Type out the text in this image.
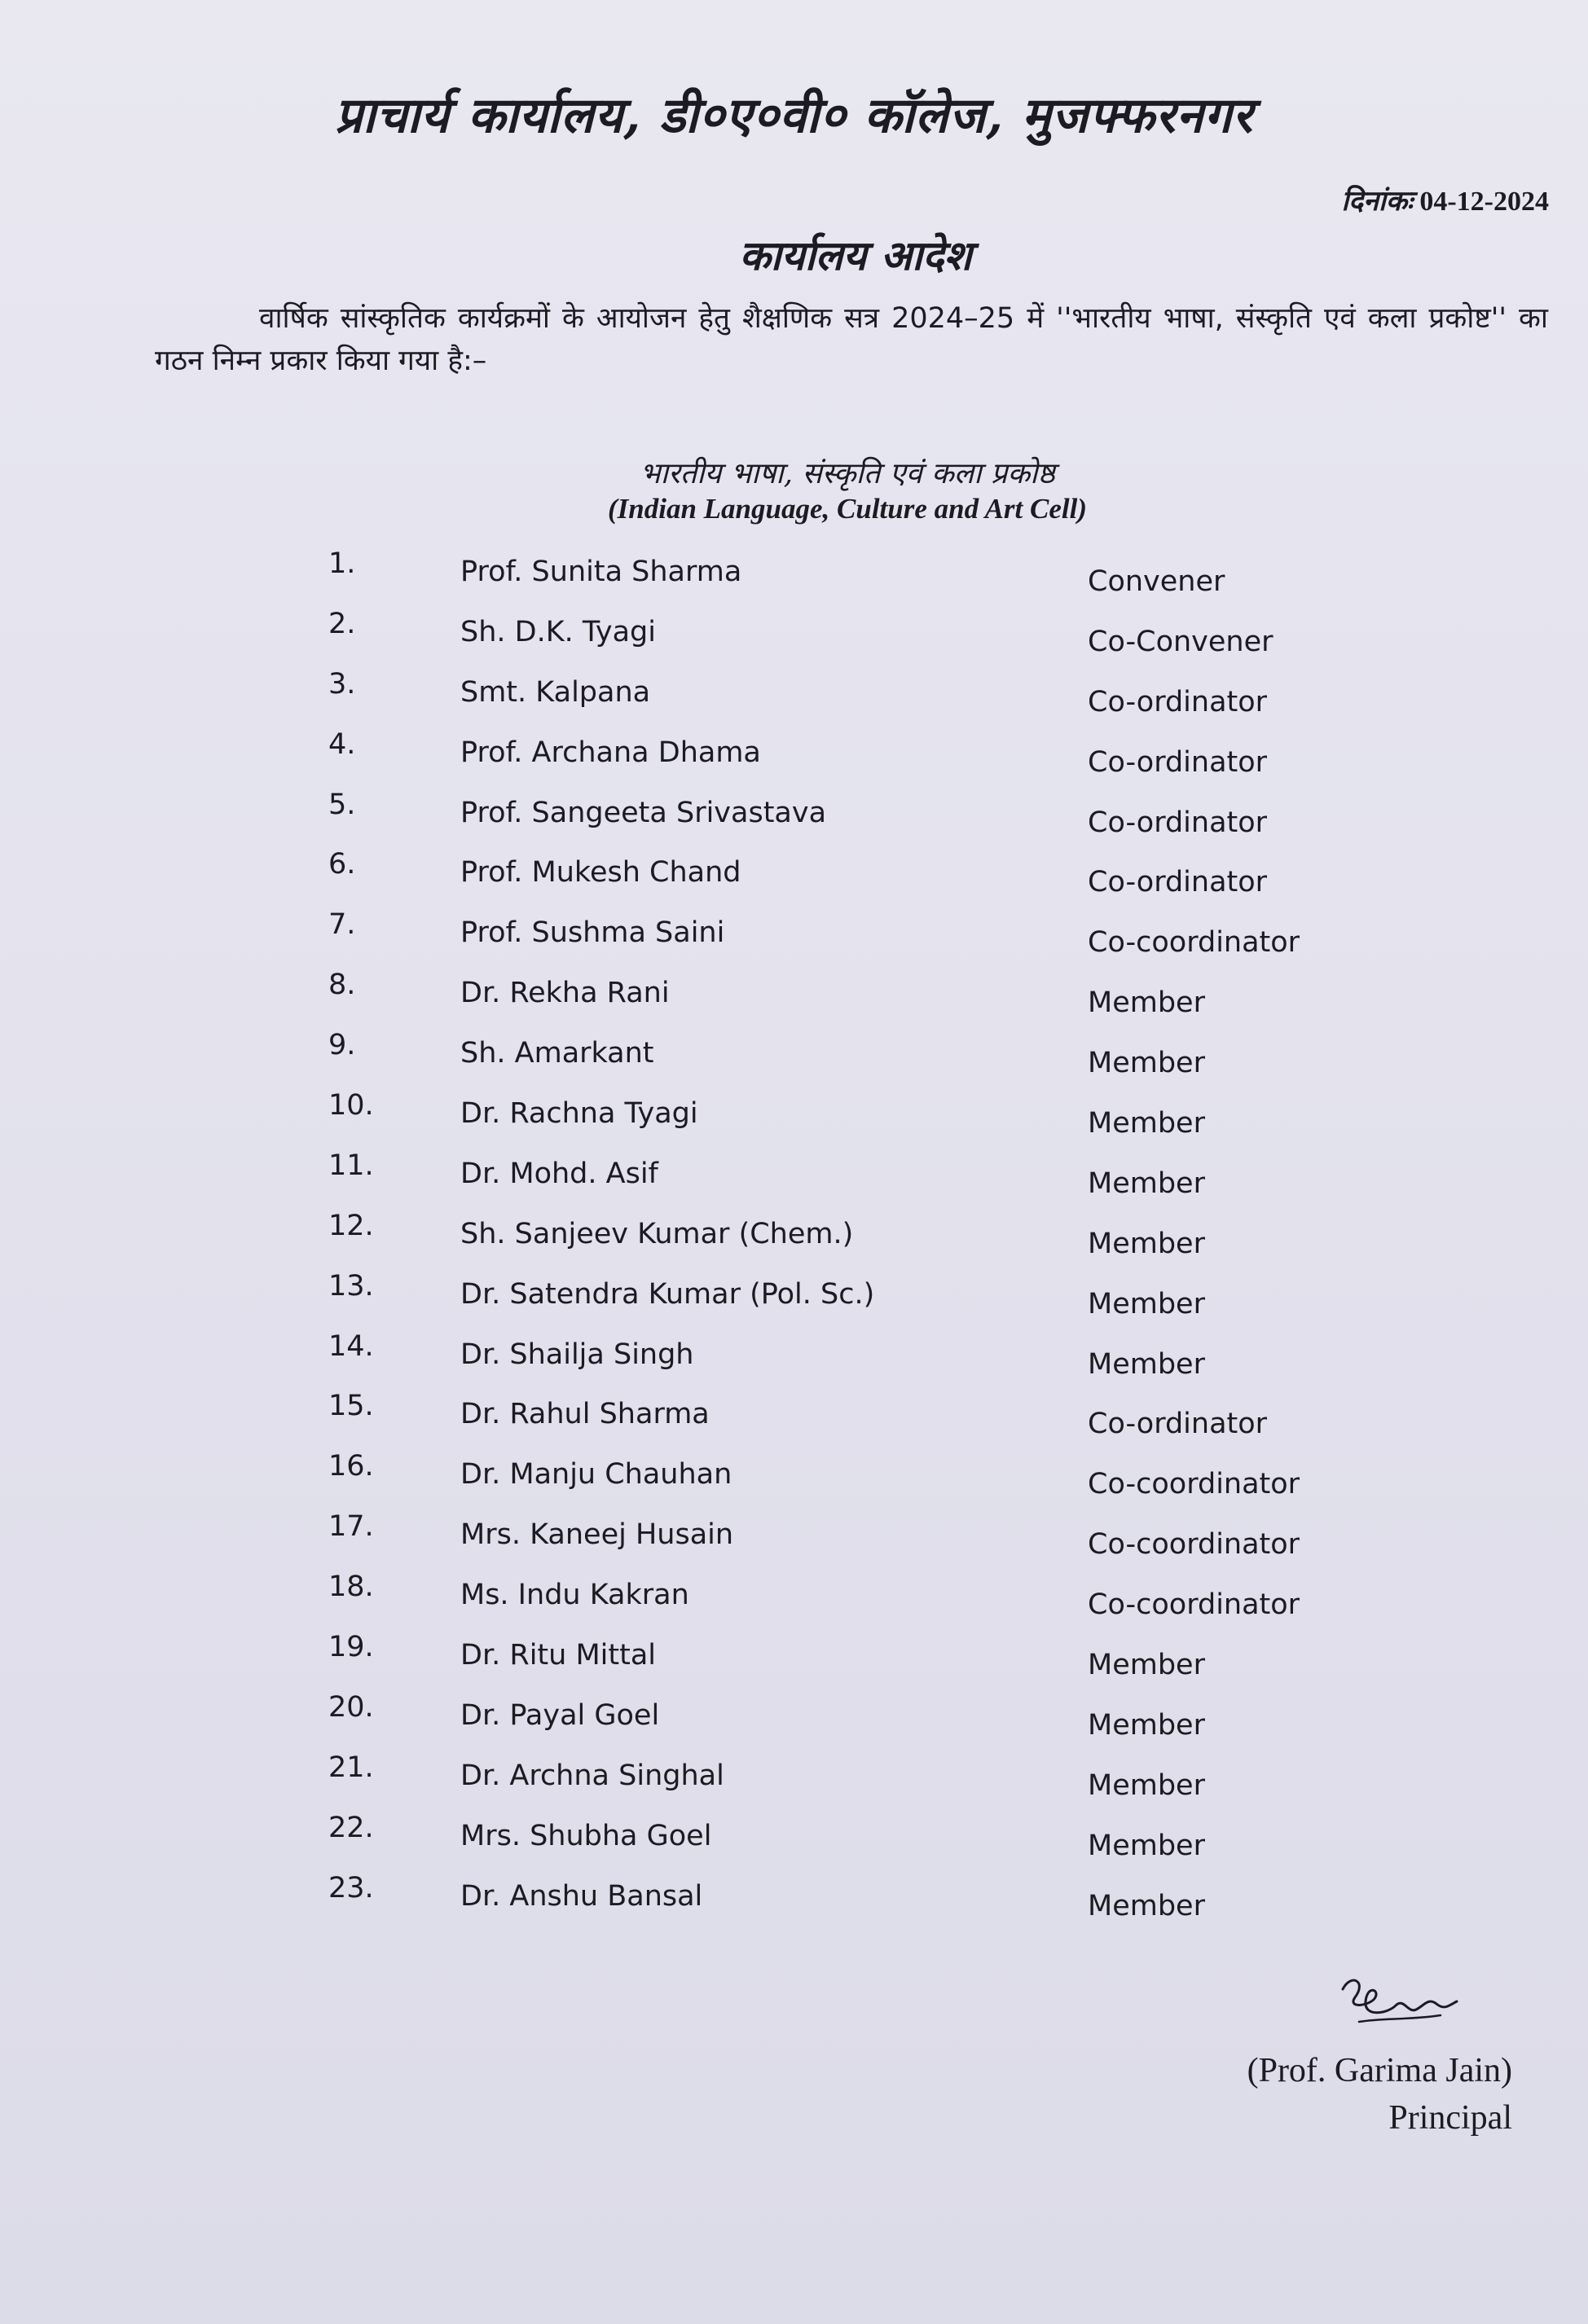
प्राचार्य कार्यालय, डी०ए०वी० कॉलेज, मुजफ्फरनगर
दिनांकः 04-12-2024
कार्यालय आदेश
वार्षिक सांस्कृतिक कार्यक्रमों के आयोजन हेतु शैक्षणिक सत्र 2024–25 में ''भारतीय भाषा, संस्कृति एवं कला प्रकोष्ट'' का गठन निम्न प्रकार किया गया है:–
भारतीय भाषा, संस्कृति एवं कला प्रकोष्ठ
(Indian Language, Culture and Art Cell)
1.	Prof. Sunita Sharma	Convener
2.	Sh. D.K. Tyagi	Co-Convener
3.	Smt. Kalpana	Co-ordinator
4.	Prof. Archana Dhama	Co-ordinator
5.	Prof. Sangeeta Srivastava	Co-ordinator
6.	Prof. Mukesh Chand	Co-ordinator
7.	Prof. Sushma Saini	Co-coordinator
8.	Dr. Rekha Rani	Member
9.	Sh. Amarkant	Member
10.	Dr. Rachna Tyagi	Member
11.	Dr. Mohd. Asif	Member
12.	Sh. Sanjeev Kumar (Chem.)	Member
13.	Dr. Satendra Kumar (Pol. Sc.)	Member
14.	Dr. Shailja Singh	Member
15.	Dr. Rahul Sharma	Co-ordinator
16.	Dr. Manju Chauhan	Co-coordinator
17.	Mrs. Kaneej Husain	Co-coordinator
18.	Ms. Indu Kakran	Co-coordinator
19.	Dr. Ritu Mittal	Member
20.	Dr. Payal Goel	Member
21.	Dr. Archna Singhal	Member
22.	Mrs. Shubha Goel	Member
23.	Dr. Anshu Bansal	Member
(Prof. Garima Jain)
Principal
